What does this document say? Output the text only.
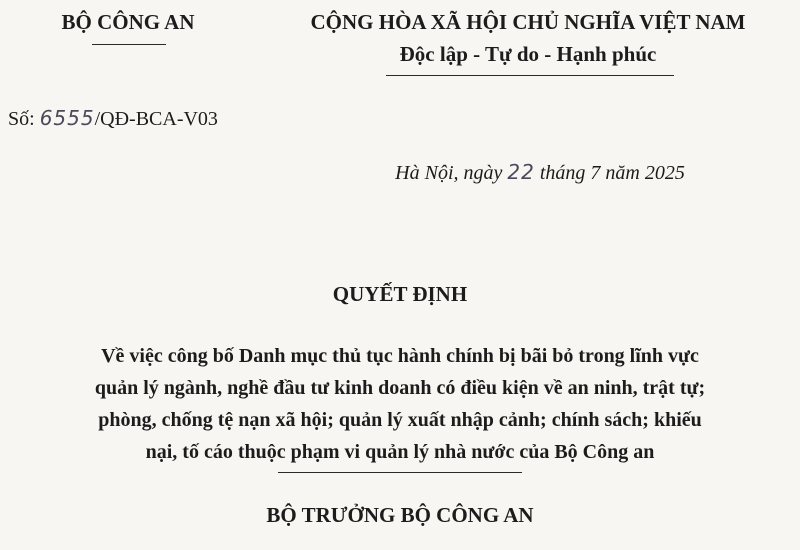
BỘ CÔNG AN	CỘNG HÒA XÃ HỘI CHỦ NGHĨA VIỆT NAM
Độc lập - Tự do - Hạnh phúc
Số: 6555/QĐ-BCA-V03
Hà Nội, ngày 22 tháng 7 năm 2025
QUYẾT ĐỊNH
Về việc công bố Danh mục thủ tục hành chính bị bãi bỏ trong lĩnh vực
quản lý ngành, nghề đầu tư kinh doanh có điều kiện về an ninh, trật tự;
phòng, chống tệ nạn xã hội; quản lý xuất nhập cảnh; chính sách; khiếu
nại, tố cáo thuộc phạm vi quản lý nhà nước của Bộ Công an
BỘ TRƯỞNG BỘ CÔNG AN
